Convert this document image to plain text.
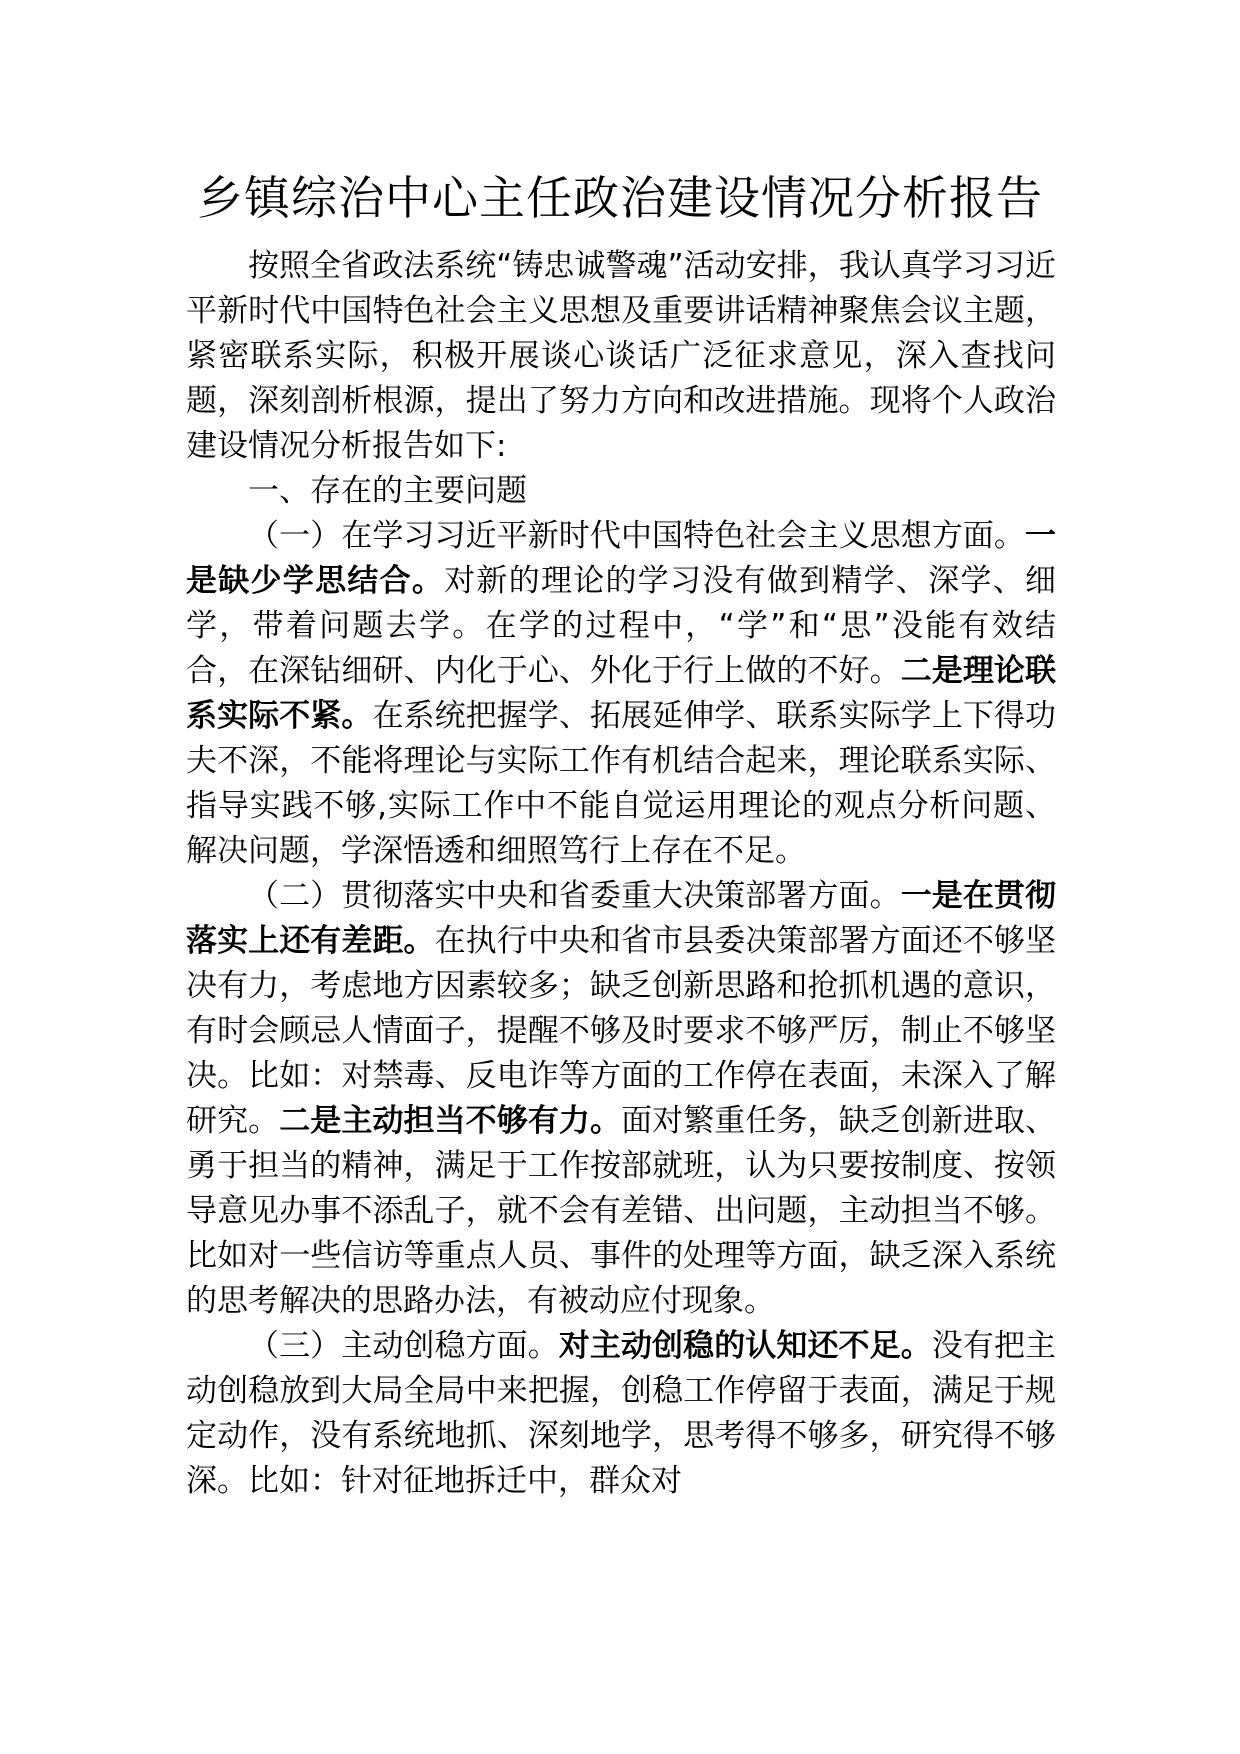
乡镇综治中心主任政治建设情况分析报告

按照全省政法系统“铸忠诚警魂”活动安排，我认真学习习近平新时代中国特色社会主义思想及重要讲话精神聚焦会议主题，紧密联系实际，积极开展谈心谈话广泛征求意见，深入查找问题，深刻剖析根源，提出了努力方向和改进措施。现将个人政治建设情况分析报告如下:

一、存在的主要问题

（一）在学习习近平新时代中国特色社会主义思想方面。一是缺少学思结合。对新的理论的学习没有做到精学、深学、细学，带着问题去学。在学的过程中，“学”和“思”没能有效结合，在深钻细研、内化于心、外化于行上做的不好。二是理论联系实际不紧。在系统把握学、拓展延伸学、联系实际学上下得功夫不深，不能将理论与实际工作有机结合起来，理论联系实际、指导实践不够,实际工作中不能自觉运用理论的观点分析问题、解决问题，学深悟透和细照笃行上存在不足。

（二）贯彻落实中央和省委重大决策部署方面。一是在贯彻落实上还有差距。在执行中央和省市县委决策部署方面还不够坚决有力，考虑地方因素较多；缺乏创新思路和抢抓机遇的意识，有时会顾忌人情面子，提醒不够及时要求不够严厉，制止不够坚决。比如：对禁毒、反电诈等方面的工作停在表面，未深入了解研究。二是主动担当不够有力。面对繁重任务，缺乏创新进取、勇于担当的精神，满足于工作按部就班，认为只要按制度、按领导意见办事不添乱子，就不会有差错、出问题，主动担当不够。比如对一些信访等重点人员、事件的处理等方面，缺乏深入系统的思考解决的思路办法，有被动应付现象。

（三）主动创稳方面。对主动创稳的认知还不足。没有把主动创稳放到大局全局中来把握，创稳工作停留于表面，满足于规定动作，没有系统地抓、深刻地学，思考得不够多，研究得不够深。比如：针对征地拆迁中，群众对
